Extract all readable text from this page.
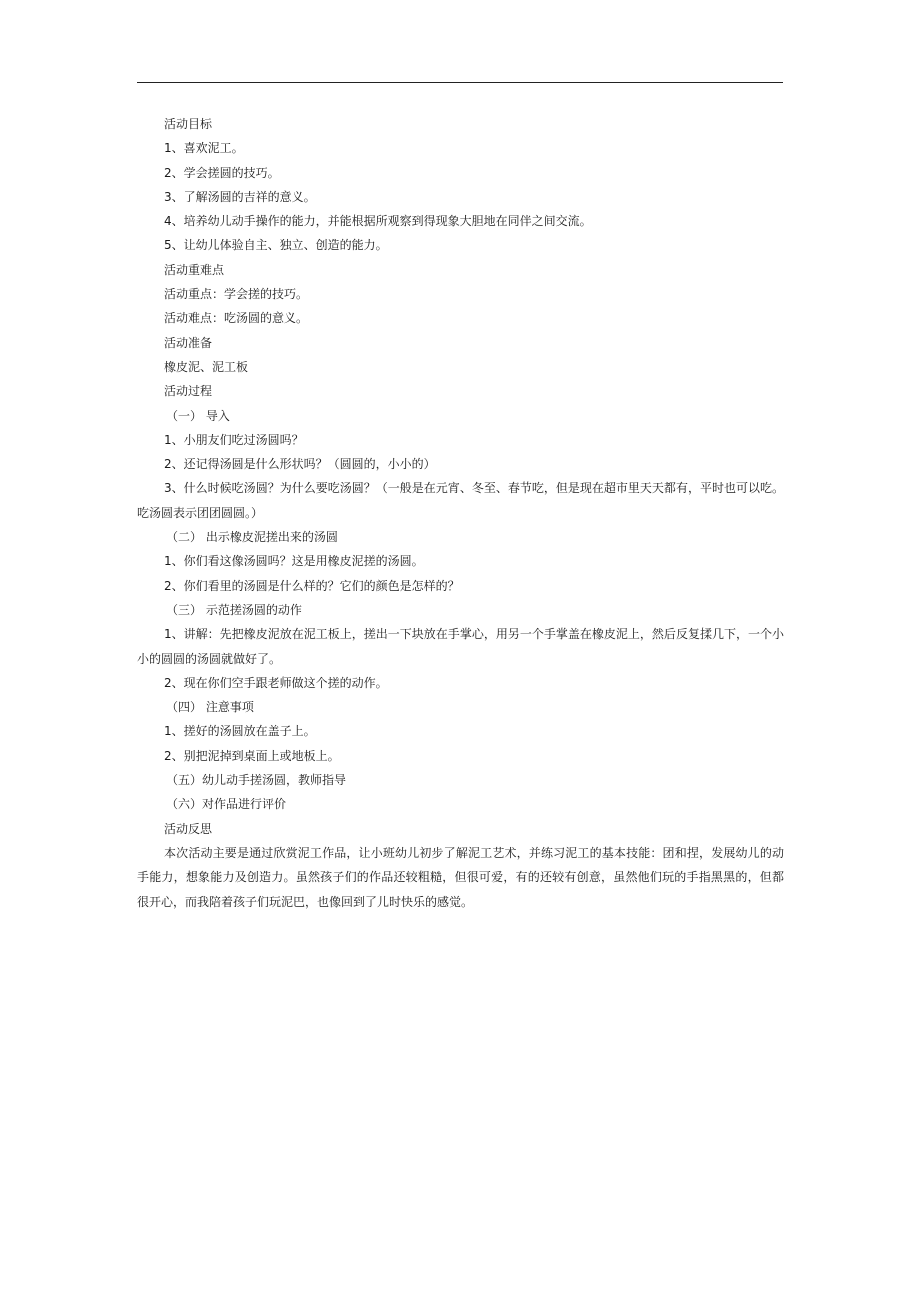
活动目标
1、喜欢泥工。
2、学会搓圆的技巧。
3、了解汤圆的吉祥的意义。
4、培养幼儿动手操作的能力，并能根据所观察到得现象大胆地在同伴之间交流。
5、让幼儿体验自主、独立、创造的能力。
活动重难点
活动重点：学会搓的技巧。
活动难点：吃汤圆的意义。
活动准备
橡皮泥、泥工板
活动过程
（一） 导入
1、小朋友们吃过汤圆吗？
2、还记得汤圆是什么形状吗？（圆圆的，小小的）
3、什么时候吃汤圆？为什么要吃汤圆？（一般是在元宵、冬至、春节吃，但是现在超市里天天都有，平时也可以吃。吃汤圆表示团团圆圆。）
（二） 出示橡皮泥搓出来的汤圆
1、你们看这像汤圆吗？这是用橡皮泥搓的汤圆。
2、你们看里的汤圆是什么样的？它们的颜色是怎样的？
（三） 示范搓汤圆的动作
1、讲解：先把橡皮泥放在泥工板上，搓出一下块放在手掌心，用另一个手掌盖在橡皮泥上，然后反复揉几下，一个小小的圆圆的汤圆就做好了。
2、现在你们空手跟老师做这个搓的动作。
（四） 注意事项
1、搓好的汤圆放在盖子上。
2、别把泥掉到桌面上或地板上。
（五）幼儿动手搓汤圆，教师指导
（六）对作品进行评价
活动反思
本次活动主要是通过欣赏泥工作品，让小班幼儿初步了解泥工艺术，并练习泥工的基本技能：团和捏，发展幼儿的动手能力，想象能力及创造力。虽然孩子们的作品还较粗糙，但很可爱，有的还较有创意，虽然他们玩的手指黑黑的，但都很开心，而我陪着孩子们玩泥巴，也像回到了儿时快乐的感觉。
